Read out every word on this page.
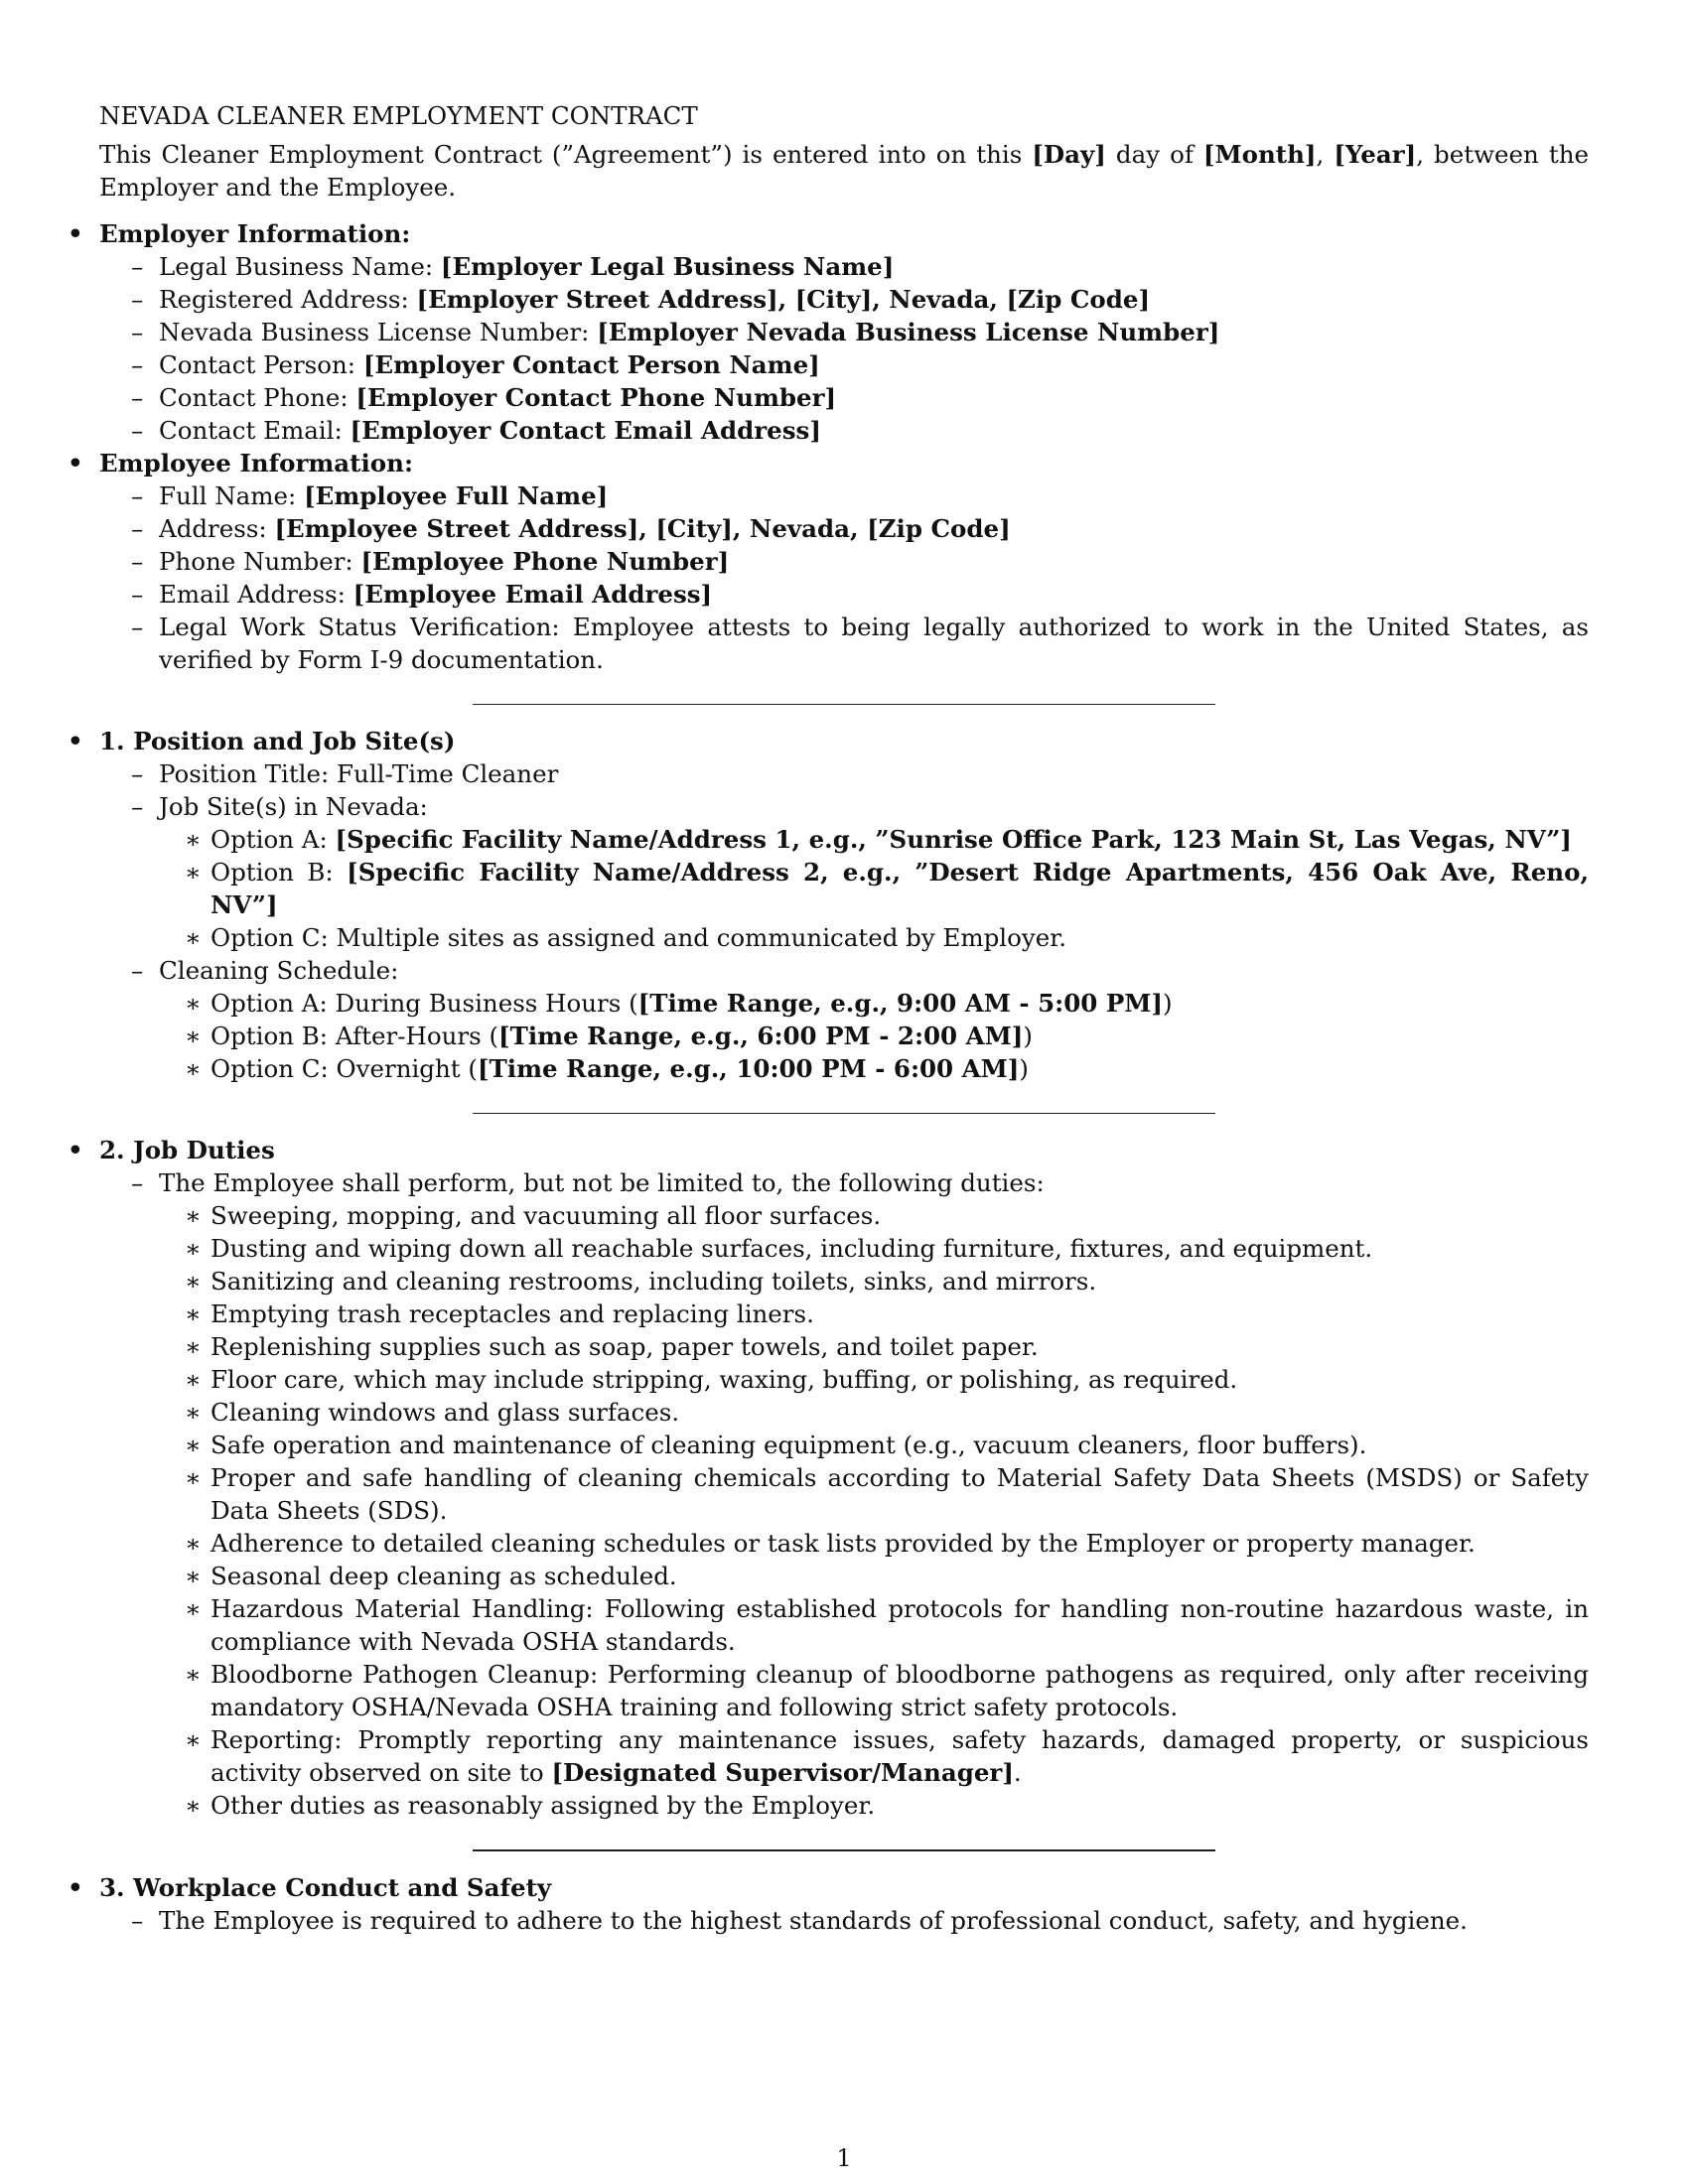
NEVADA CLEANER EMPLOYMENT CONTRACT
This Cleaner Employment Contract (”Agreement”) is entered into on this [Day] day of [Month], [Year], between the Employer and the Employee.
• Employer Information:
– Legal Business Name: [Employer Legal Business Name]
– Registered Address: [Employer Street Address], [City], Nevada, [Zip Code]
– Nevada Business License Number: [Employer Nevada Business License Number]
– Contact Person: [Employer Contact Person Name]
– Contact Phone: [Employer Contact Phone Number]
– Contact Email: [Employer Contact Email Address]
• Employee Information:
– Full Name: [Employee Full Name]
– Address: [Employee Street Address], [City], Nevada, [Zip Code]
– Phone Number: [Employee Phone Number]
– Email Address: [Employee Email Address]
– Legal Work Status Verification: Employee attests to being legally authorized to work in the United States, as verified by Form I-9 documentation.
• 1. Position and Job Site(s)
– Position Title: Full-Time Cleaner
– Job Site(s) in Nevada:
∗ Option A: [Specific Facility Name/Address 1, e.g., ”Sunrise Office Park, 123 Main St, Las Vegas, NV”]
∗ Option B: [Specific Facility Name/Address 2, e.g., ”Desert Ridge Apartments, 456 Oak Ave, Reno, NV”]
∗ Option C: Multiple sites as assigned and communicated by Employer.
– Cleaning Schedule:
∗ Option A: During Business Hours ([Time Range, e.g., 9:00 AM - 5:00 PM])
∗ Option B: After-Hours ([Time Range, e.g., 6:00 PM - 2:00 AM])
∗ Option C: Overnight ([Time Range, e.g., 10:00 PM - 6:00 AM])
• 2. Job Duties
– The Employee shall perform, but not be limited to, the following duties:
∗ Sweeping, mopping, and vacuuming all floor surfaces.
∗ Dusting and wiping down all reachable surfaces, including furniture, fixtures, and equipment.
∗ Sanitizing and cleaning restrooms, including toilets, sinks, and mirrors.
∗ Emptying trash receptacles and replacing liners.
∗ Replenishing supplies such as soap, paper towels, and toilet paper.
∗ Floor care, which may include stripping, waxing, buffing, or polishing, as required.
∗ Cleaning windows and glass surfaces.
∗ Safe operation and maintenance of cleaning equipment (e.g., vacuum cleaners, floor buffers).
∗ Proper and safe handling of cleaning chemicals according to Material Safety Data Sheets (MSDS) or Safety Data Sheets (SDS).
∗ Adherence to detailed cleaning schedules or task lists provided by the Employer or property manager.
∗ Seasonal deep cleaning as scheduled.
∗ Hazardous Material Handling: Following established protocols for handling non-routine hazardous waste, in compliance with Nevada OSHA standards.
∗ Bloodborne Pathogen Cleanup: Performing cleanup of bloodborne pathogens as required, only after receiving mandatory OSHA/Nevada OSHA training and following strict safety protocols.
∗ Reporting: Promptly reporting any maintenance issues, safety hazards, damaged property, or suspicious activity observed on site to [Designated Supervisor/Manager].
∗ Other duties as reasonably assigned by the Employer.
• 3. Workplace Conduct and Safety
– The Employee is required to adhere to the highest standards of professional conduct, safety, and hygiene.
1
